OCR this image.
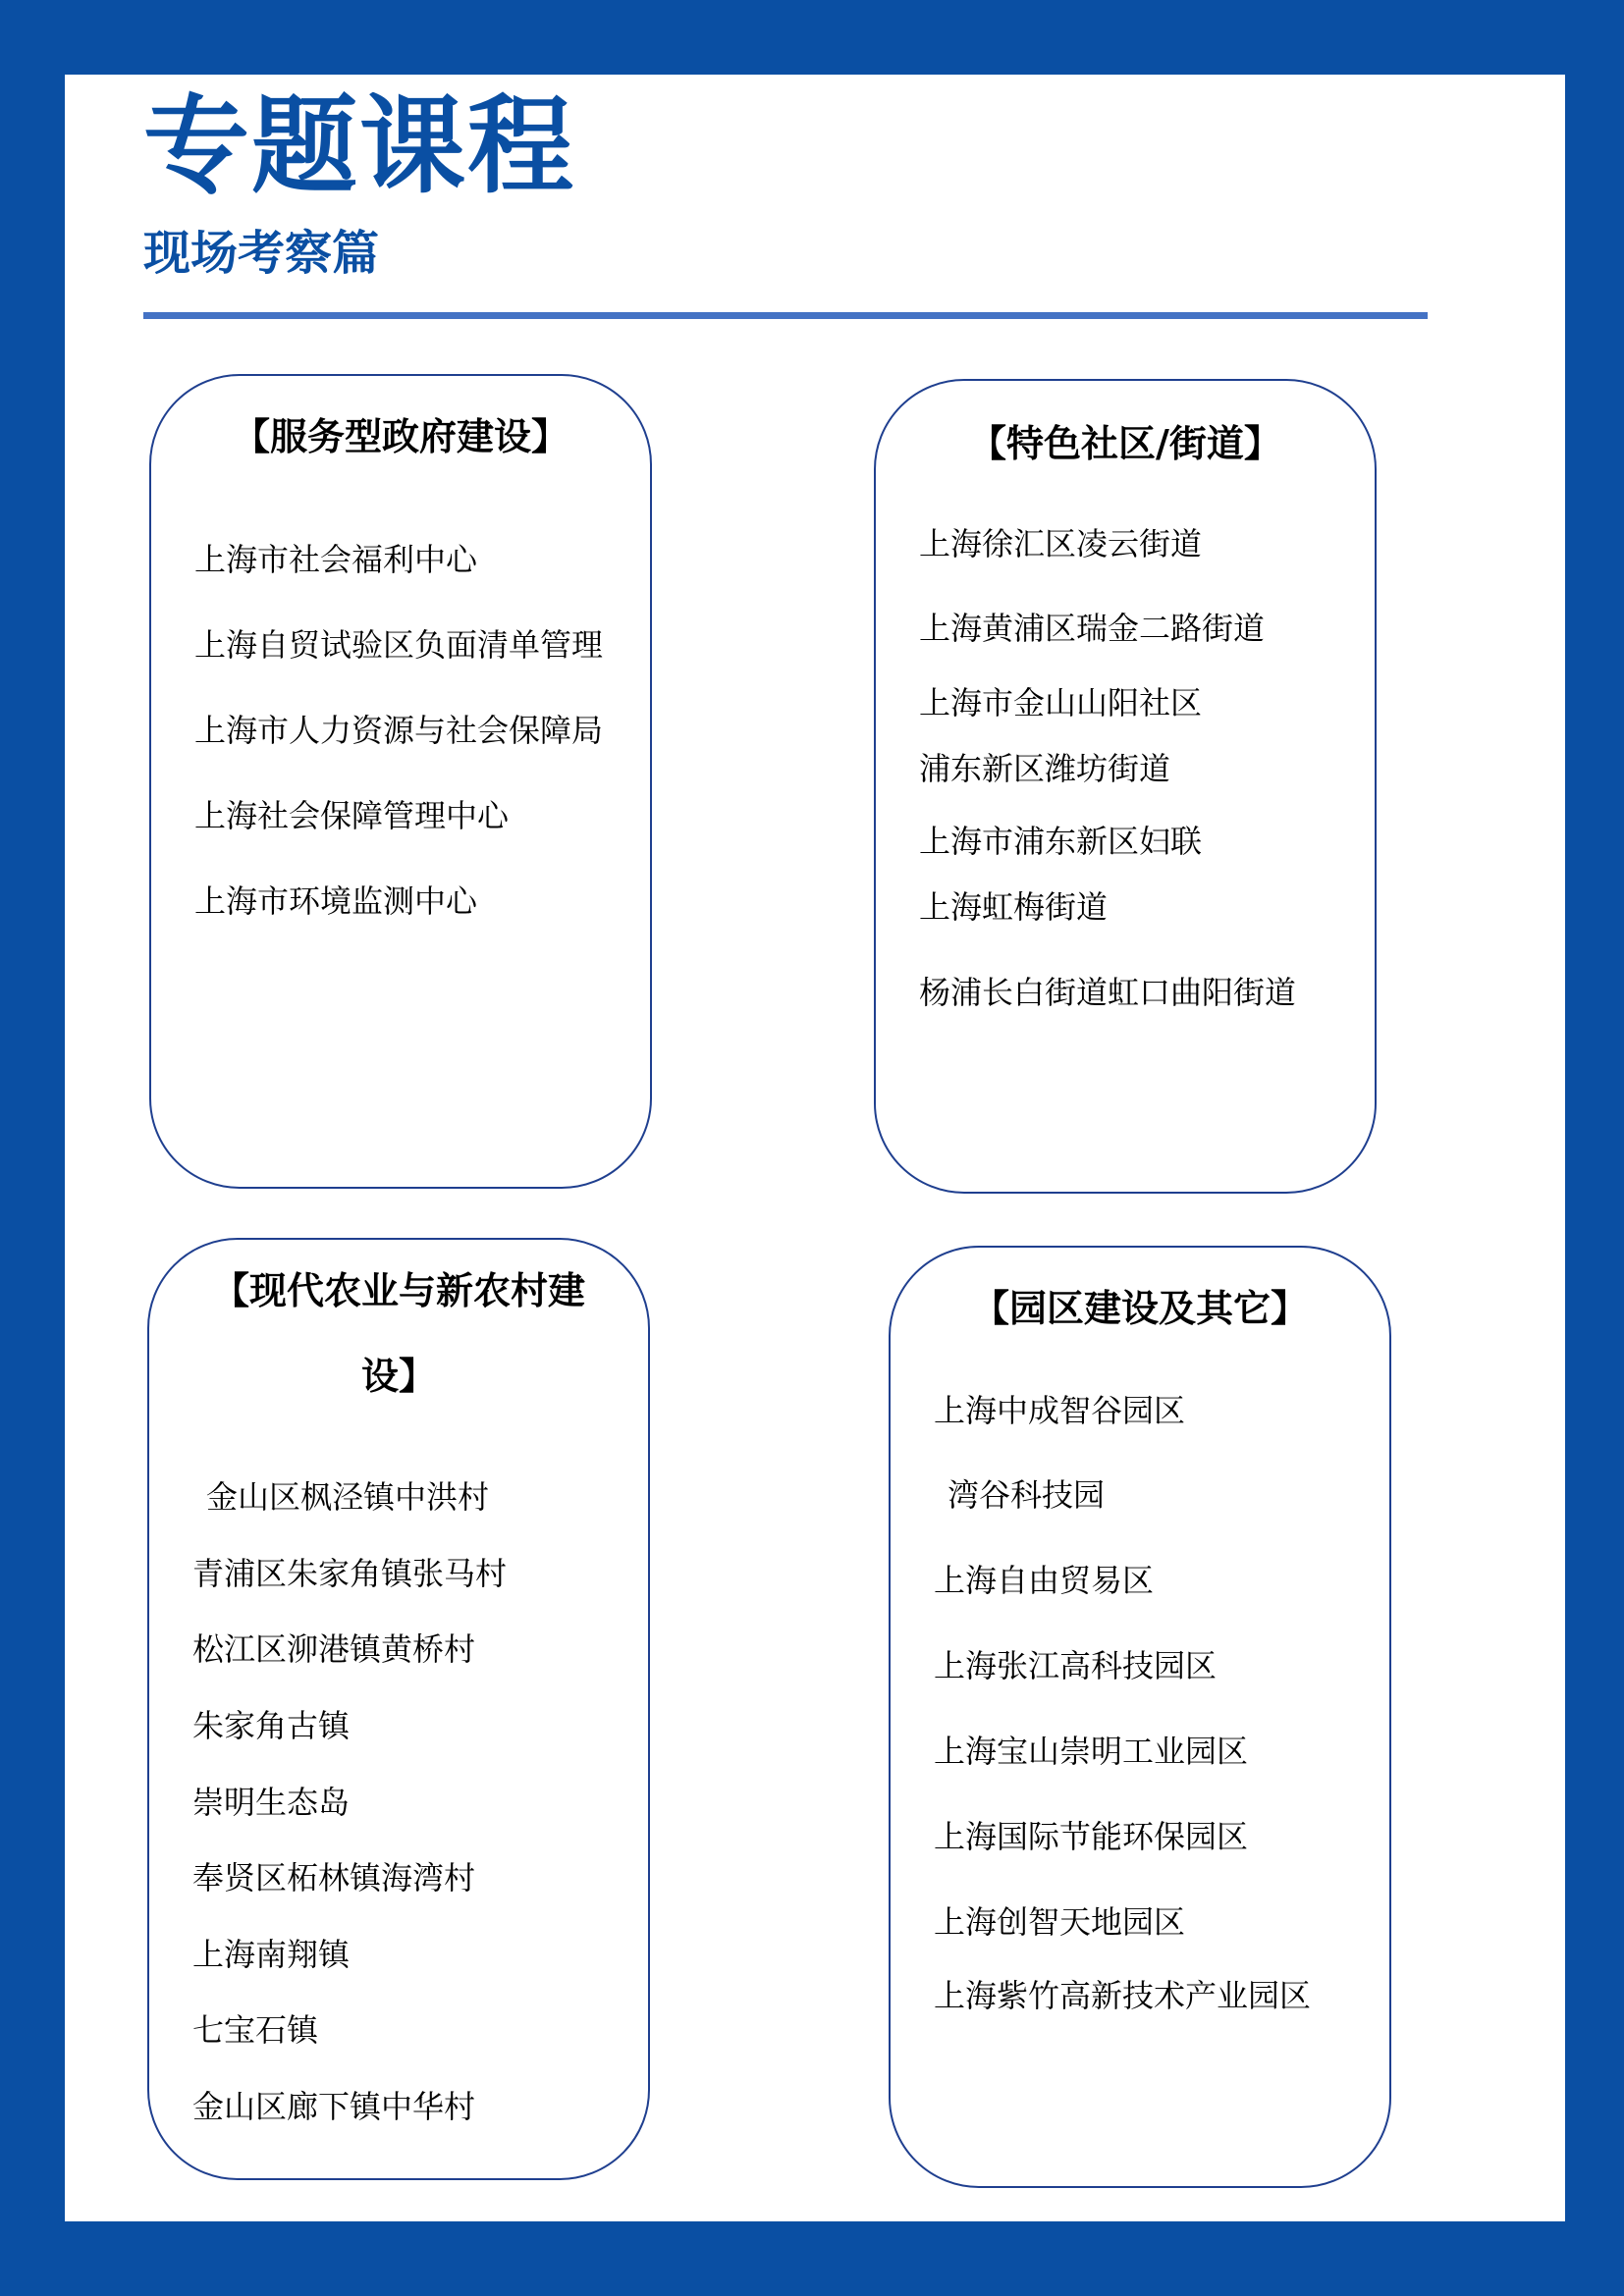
专题课程
现场考察篇
【服务型政府建设】
上海市社会福利中心
上海自贸试验区负面清单管理
上海市人力资源与社会保障局
上海社会保障管理中心
上海市环境监测中心
【特色社区/街道】
上海徐汇区凌云街道
上海黄浦区瑞金二路街道
上海市金山山阳社区
浦东新区潍坊街道
上海市浦东新区妇联
上海虹梅街道
杨浦长白街道虹口曲阳街道
【现代农业与新农村建
设】
金山区枫泾镇中洪村
青浦区朱家角镇张马村
松江区泖港镇黄桥村
朱家角古镇
崇明生态岛
奉贤区柘林镇海湾村
上海南翔镇
七宝石镇
金山区廊下镇中华村
【园区建设及其它】
上海中成智谷园区
湾谷科技园
上海自由贸易区
上海张江高科技园区
上海宝山崇明工业园区
上海国际节能环保园区
上海创智天地园区
上海紫竹高新技术产业园区
